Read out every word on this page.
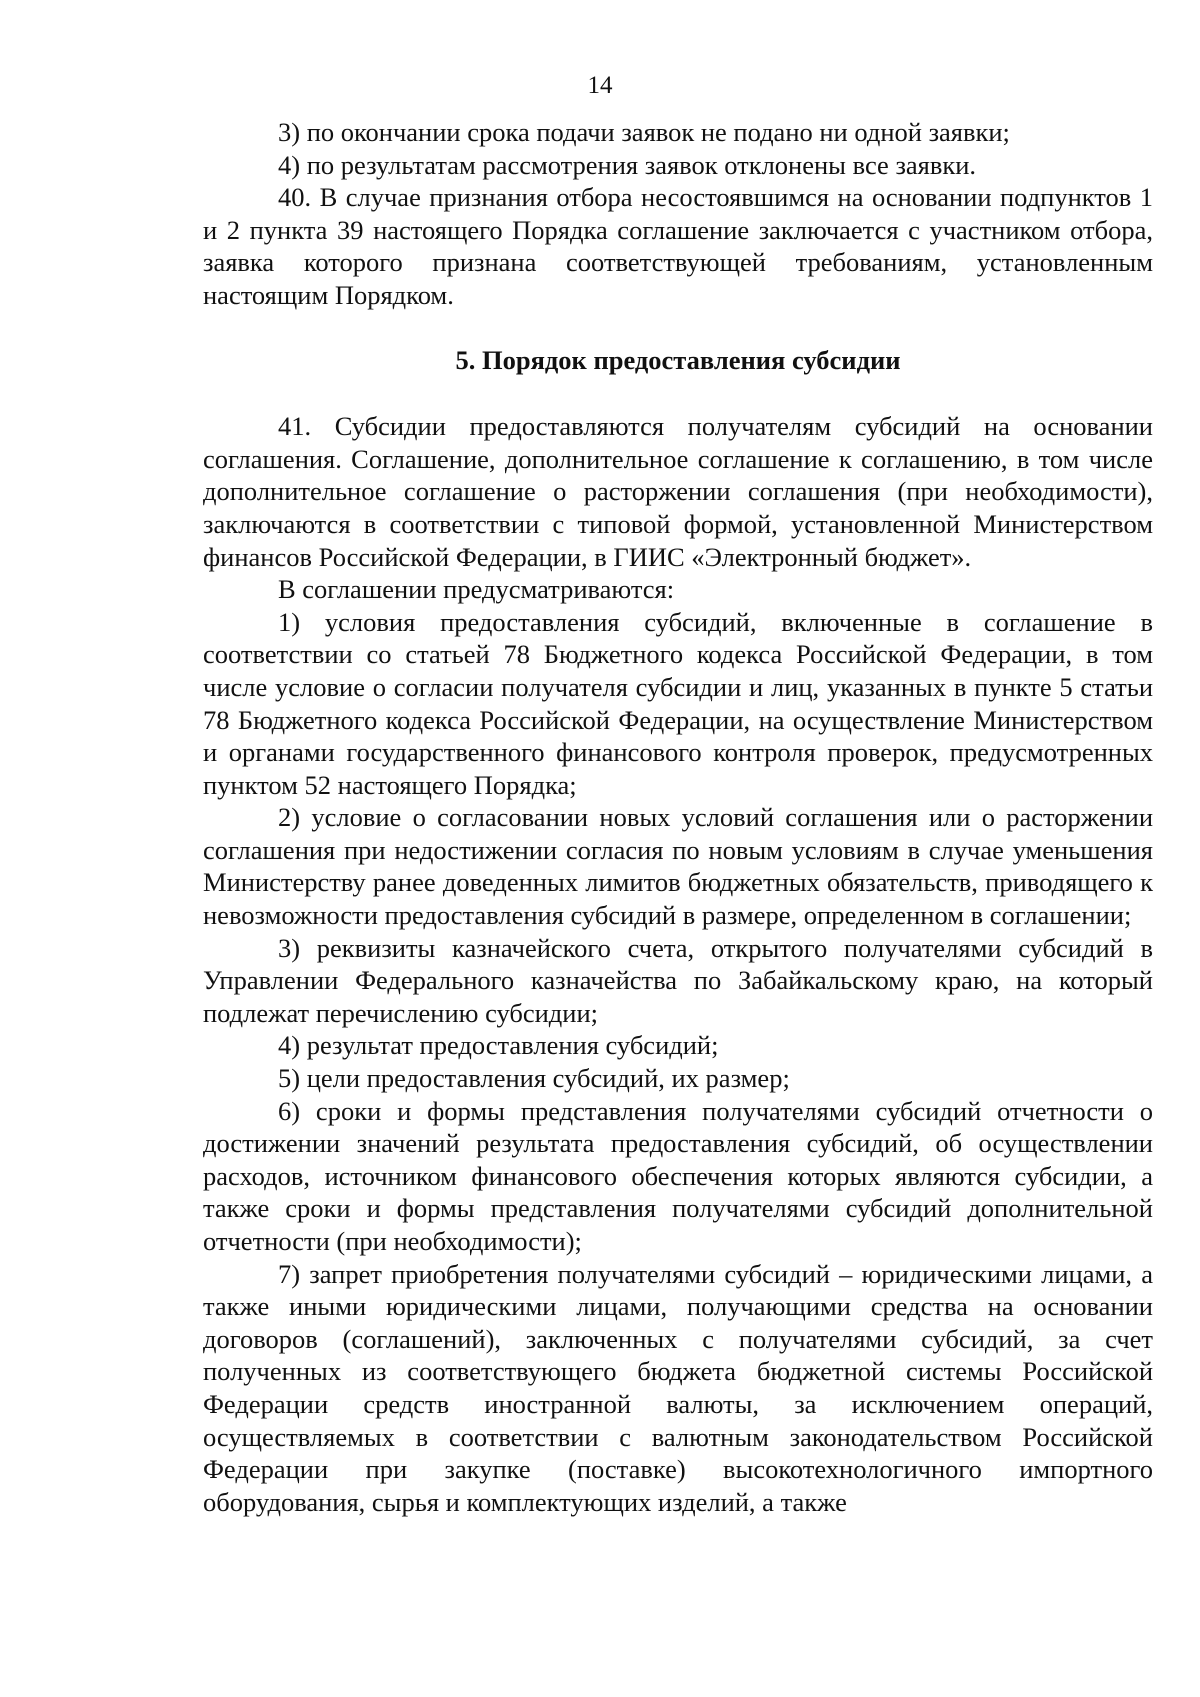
14

3) по окончании срока подачи заявок не подано ни одной заявки;

4) по результатам рассмотрения заявок отклонены все заявки.

40. В случае признания отбора несостоявшимся на основании подпунктов 1 и 2 пункта 39 настоящего Порядка соглашение заключается с участником отбора, заявка которого признана соответствующей требованиям, установленным настоящим Порядком.

5. Порядок предоставления субсидии

41. Субсидии предоставляются получателям субсидий на основании соглашения. Соглашение, дополнительное соглашение к соглашению, в том числе дополнительное соглашение о расторжении соглашения (при необходимости), заключаются в соответствии с типовой формой, установленной Министерством финансов Российской Федерации, в ГИИС «Электронный бюджет».

В соглашении предусматриваются:

1) условия предоставления субсидий, включенные в соглашение в соответствии со статьей 78 Бюджетного кодекса Российской Федерации, в том числе условие о согласии получателя субсидии и лиц, указанных в пункте 5 статьи 78 Бюджетного кодекса Российской Федерации, на осуществление Министерством и органами государственного финансового контроля проверок, предусмотренных пунктом 52 настоящего Порядка;

2) условие о согласовании новых условий соглашения или о расторжении соглашения при недостижении согласия по новым условиям в случае уменьшения Министерству ранее доведенных лимитов бюджетных обязательств, приводящего к невозможности предоставления субсидий в размере, определенном в соглашении;

3) реквизиты казначейского счета, открытого получателями субсидий в Управлении Федерального казначейства по Забайкальскому краю, на который подлежат перечислению субсидии;

4) результат предоставления субсидий;

5) цели предоставления субсидий, их размер;

6) сроки и формы представления получателями субсидий отчетности о достижении значений результата предоставления субсидий, об осуществлении расходов, источником финансового обеспечения которых являются субсидии, а также сроки и формы представления получателями субсидий дополнительной отчетности (при необходимости);

7) запрет приобретения получателями субсидий – юридическими лицами, а также иными юридическими лицами, получающими средства на основании договоров (соглашений), заключенных с получателями субсидий, за счет полученных из соответствующего бюджета бюджетной системы Российской Федерации средств иностранной валюты, за исключением операций, осуществляемых в соответствии с валютным законодательством Российской Федерации при закупке (поставке) высокотехнологичного импортного оборудования, сырья и комплектующих изделий, а также
